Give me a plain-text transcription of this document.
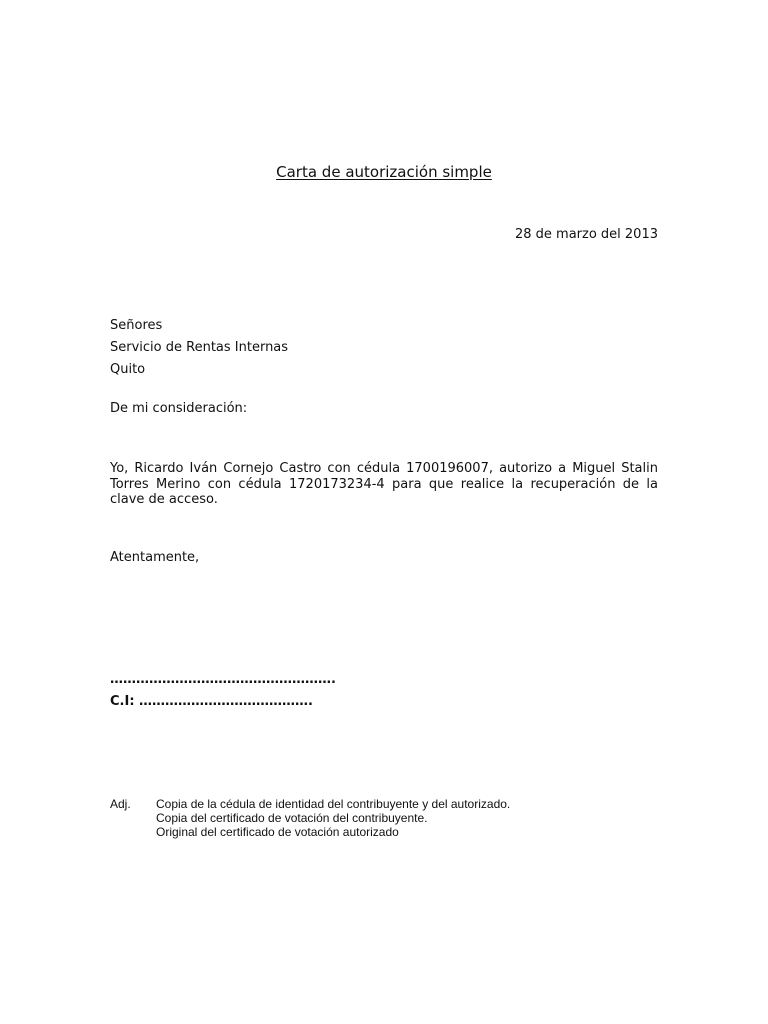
Carta de autorización simple
28 de marzo del 2013
Señores
Servicio de Rentas Internas
Quito
De mi consideración:
Yo, Ricardo Iván Cornejo Castro con cédula 1700196007, autorizo a Miguel Stalin Torres Merino con cédula 1720173234-4 para que realice la recuperación de la clave de acceso.
Atentamente,
…………………………………………….
C.I: ………………………………….
Adj. Copia de la cédula de identidad del contribuyente y del autorizado.
Copia del certificado de votación del contribuyente.
Original del certificado de votación autorizado
